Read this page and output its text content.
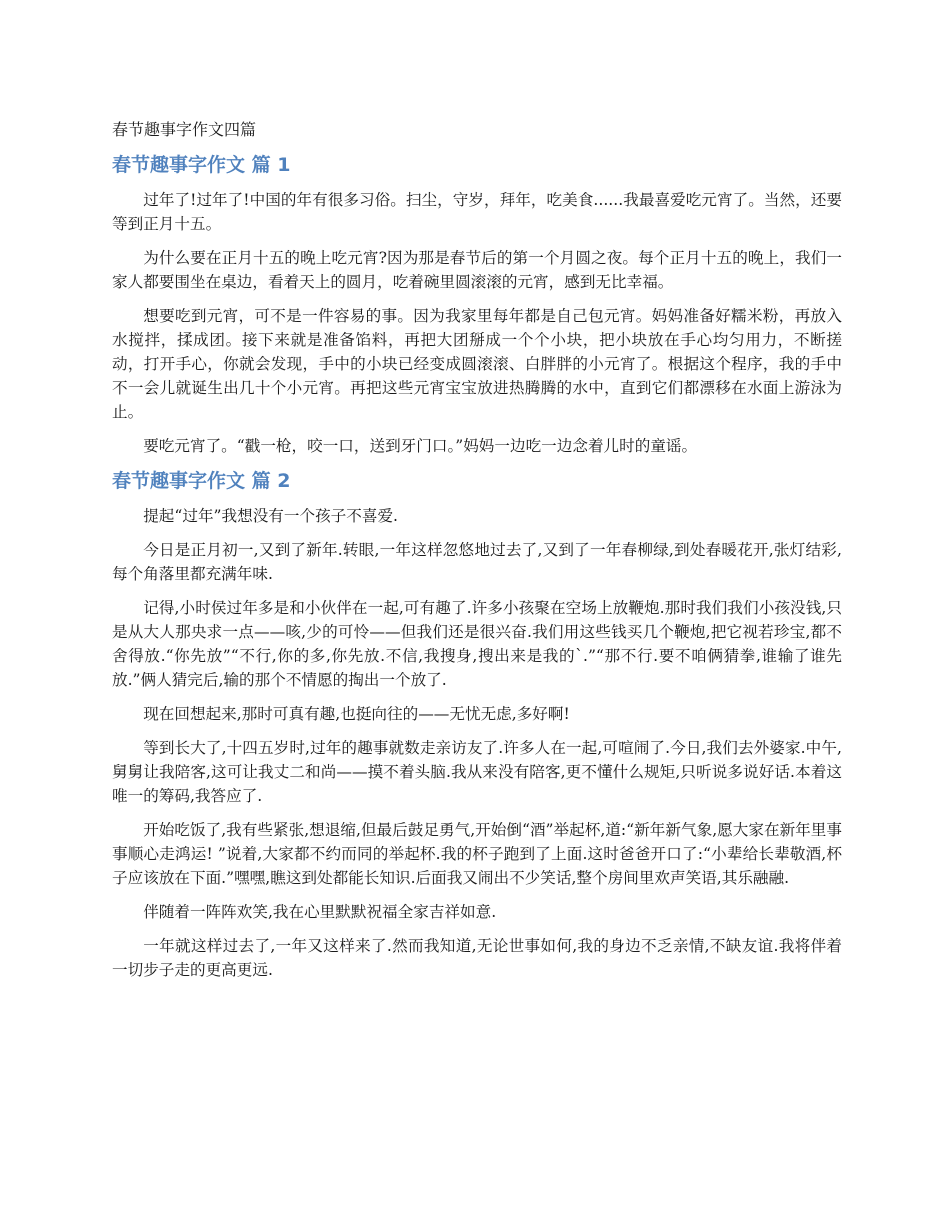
春节趣事字作文四篇
春节趣事字作文 篇 1

过年了!过年了!中国的年有很多习俗。扫尘，守岁，拜年，吃美食......我最喜爱吃元宵了。当然，还要等到正月十五。

为什么要在正月十五的晚上吃元宵?因为那是春节后的第一个月圆之夜。每个正月十五的晚上，我们一家人都要围坐在桌边，看着天上的圆月，吃着碗里圆滚滚的元宵，感到无比幸福。

想要吃到元宵，可不是一件容易的事。因为我家里每年都是自己包元宵。妈妈准备好糯米粉，再放入水搅拌，揉成团。接下来就是准备馅料，再把大团掰成一个个小块，把小块放在手心均匀用力，不断搓动，打开手心，你就会发现，手中的小块已经变成圆滚滚、白胖胖的小元宵了。根据这个程序，我的手中不一会儿就诞生出几十个小元宵。再把这些元宵宝宝放进热腾腾的水中，直到它们都漂移在水面上游泳为止。

要吃元宵了。“戳一枪，咬一口，送到牙门口。”妈妈一边吃一边念着儿时的童谣。

春节趣事字作文 篇 2

提起“过年”我想没有一个孩子不喜爱.

今日是正月初一,又到了新年.转眼,一年这样忽悠地过去了,又到了一年春柳绿,到处春暖花开,张灯结彩,每个角落里都充满年味.

记得,小时侯过年多是和小伙伴在一起,可有趣了.许多小孩聚在空场上放鞭炮.那时我们我们小孩没钱,只是从大人那央求一点——咳,少的可怜——但我们还是很兴奋.我们用这些钱买几个鞭炮,把它视若珍宝,都不舍得放.“你先放”“不行,你的多,你先放.不信,我搜身,搜出来是我的`.”“那不行.要不咱俩猜拳,谁输了谁先放.”俩人猜完后,输的那个不情愿的掏出一个放了.

现在回想起来,那时可真有趣,也挺向往的——无忧无虑,多好啊!

等到长大了,十四五岁时,过年的趣事就数走亲访友了.许多人在一起,可喧闹了.今日,我们去外婆家.中午,舅舅让我陪客,这可让我丈二和尚——摸不着头脑.我从来没有陪客,更不懂什么规矩,只听说多说好话.本着这唯一的筹码,我答应了.

开始吃饭了,我有些紧张,想退缩,但最后鼓足勇气,开始倒“酒”举起杯,道:“新年新气象,愿大家在新年里事事顺心走鸿运! ”说着,大家都不约而同的举起杯.我的杯子跑到了上面.这时爸爸开口了:“小辈给长辈敬酒,杯子应该放在下面.”嘿嘿,瞧这到处都能长知识.后面我又闹出不少笑话,整个房间里欢声笑语,其乐融融.

伴随着一阵阵欢笑,我在心里默默祝福全家吉祥如意.

一年就这样过去了,一年又这样来了.然而我知道,无论世事如何,我的身边不乏亲情,不缺友谊.我将伴着一切步子走的更高更远.
